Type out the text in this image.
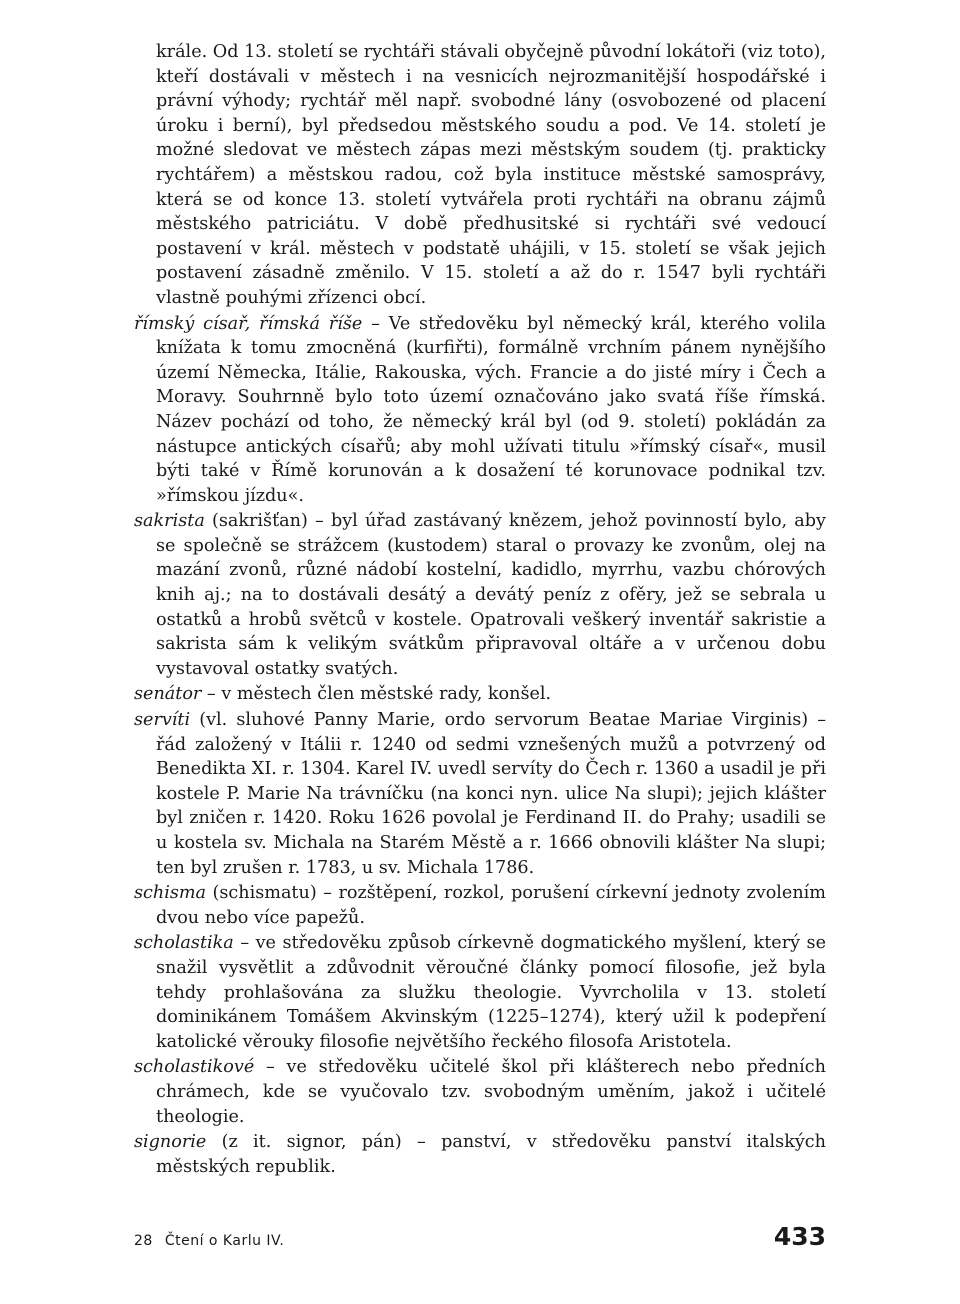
krále. Od 13. století se rychtáři stávali obyčejně původní lokátoři (viz toto), kteří dostávali v městech i na vesnicích nejrozmanitější hospodářské i právní výhody; rychtář měl např. svobodné lány (osvobozené od placení úroku i berní), byl předsedou městského soudu a pod. Ve 14. století je možné sledovat ve městech zápas mezi městským soudem (tj. prakticky rychtářem) a městskou radou, což byla instituce městské samosprávy, která se od konce 13. století vytvářela proti rychtáři na obranu zájmů městského patriciátu. V době předhusitské si rychtáři své vedoucí postavení v král. městech v podstatě uhájili, v 15. století se však jejich postavení zásadně změnilo. V 15. století a až do r. 1547 byli rychtáři vlastně pouhými zřízenci obcí.

římský císař, římská říše – Ve středověku byl německý král, kterého volila knížata k tomu zmocněná (kurfiřti), formálně vrchním pánem nynějšího území Německa, Itálie, Rakouska, vých. Francie a do jisté míry i Čech a Moravy. Souhrnně bylo toto území označováno jako svatá říše římská. Název pochází od toho, že německý král byl (od 9. století) pokládán za nástupce antických císařů; aby mohl užívati titulu »římský císař«, musil býti také v Římě korunován a k dosažení té korunovace podnikal tzv. »římskou jízdu«.

sakrista (sakrišťan) – byl úřad zastávaný knězem, jehož povinností bylo, aby se společně se strážcem (kustodem) staral o provazy ke zvonům, olej na mazání zvonů, různé nádobí kostelní, kadidlo, myrrhu, vazbu chórových knih aj.; na to dostávali desátý a devátý peníz z ofěry, jež se sebrala u ostatků a hrobů světců v kostele. Opatrovali veškerý inventář sakristie a sakrista sám k velikým svátkům připravoval oltáře a v určenou dobu vystavoval ostatky svatých.

senátor – v městech člen městské rady, konšel.

servíti (vl. sluhové Panny Marie, ordo servorum Beatae Mariae Virginis) – řád založený v Itálii r. 1240 od sedmi vznešených mužů a potvrzený od Benedikta XI. r. 1304. Karel IV. uvedl servíty do Čech r. 1360 a usadil je při kostele P. Marie Na trávníčku (na konci nyn. ulice Na slupi); jejich klášter byl zničen r. 1420. Roku 1626 povolal je Ferdinand II. do Prahy; usadili se u kostela sv. Michala na Starém Městě a r. 1666 obnovili klášter Na slupi; ten byl zrušen r. 1783, u sv. Michala 1786.

schisma (schismatu) – rozštěpení, rozkol, porušení církevní jednoty zvolením dvou nebo více papežů.

scholastika – ve středověku způsob církevně dogmatického myšlení, který se snažil vysvětlit a zdůvodnit věroučné články pomocí filosofie, jež byla tehdy prohlašována za služku theologie. Vyvrcholila v 13. století dominikánem Tomášem Akvinským (1225–1274), který užil k podepření katolické věrouky filosofie největšího řeckého filosofa Aristotela.

scholastikové – ve středověku učitelé škol při klášterech nebo předních chrámech, kde se vyučovalo tzv. svobodným uměním, jakož i učitelé theologie.

signorie (z it. signor, pán) – panství, v středověku panství italských městských republik.

28 Čtení o Karlu IV.	433
